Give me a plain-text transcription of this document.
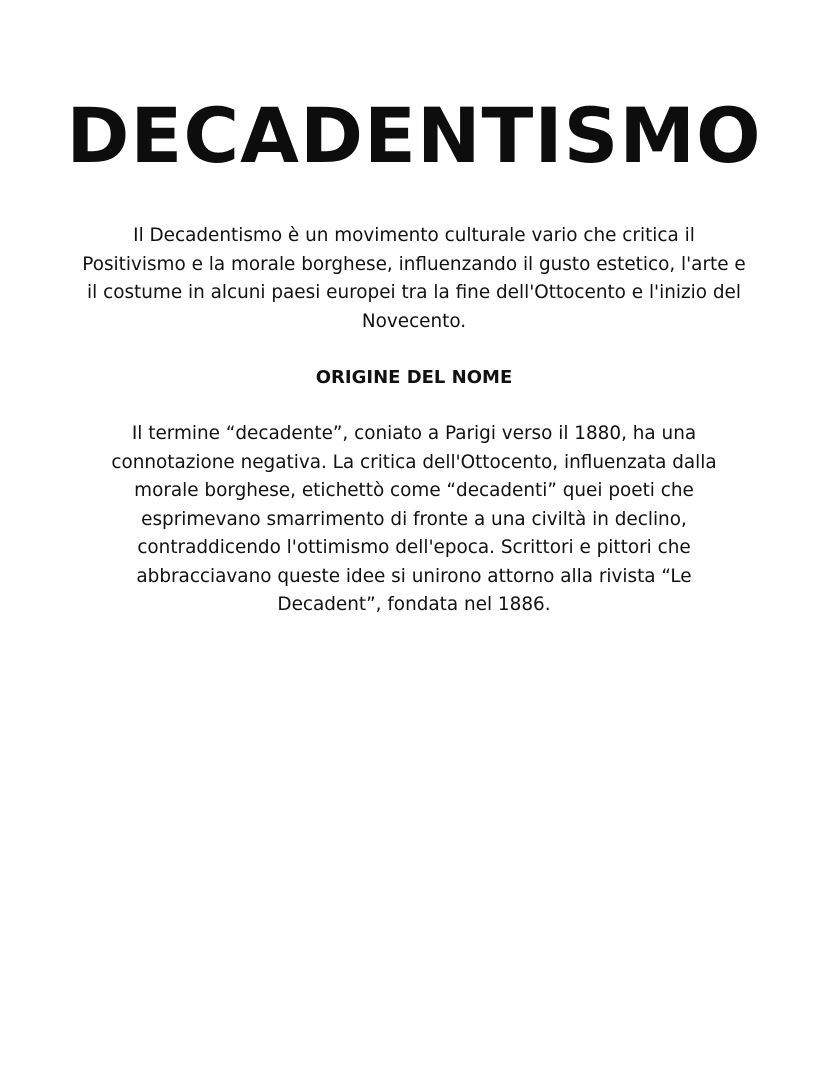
DECADENTISMO

Il Decadentismo è un movimento culturale vario che critica il Positivismo e la morale borghese, influenzando il gusto estetico, l'arte e il costume in alcuni paesi europei tra la fine dell'Ottocento e l'inizio del Novecento.

ORIGINE DEL NOME

Il termine “decadente”, coniato a Parigi verso il 1880, ha una connotazione negativa. La critica dell'Ottocento, influenzata dalla morale borghese, etichettò come “decadenti” quei poeti che esprimevano smarrimento di fronte a una civiltà in declino, contraddicendo l'ottimismo dell'epoca. Scrittori e pittori che abbracciavano queste idee si unirono attorno alla rivista “Le Decadent”, fondata nel 1886.
